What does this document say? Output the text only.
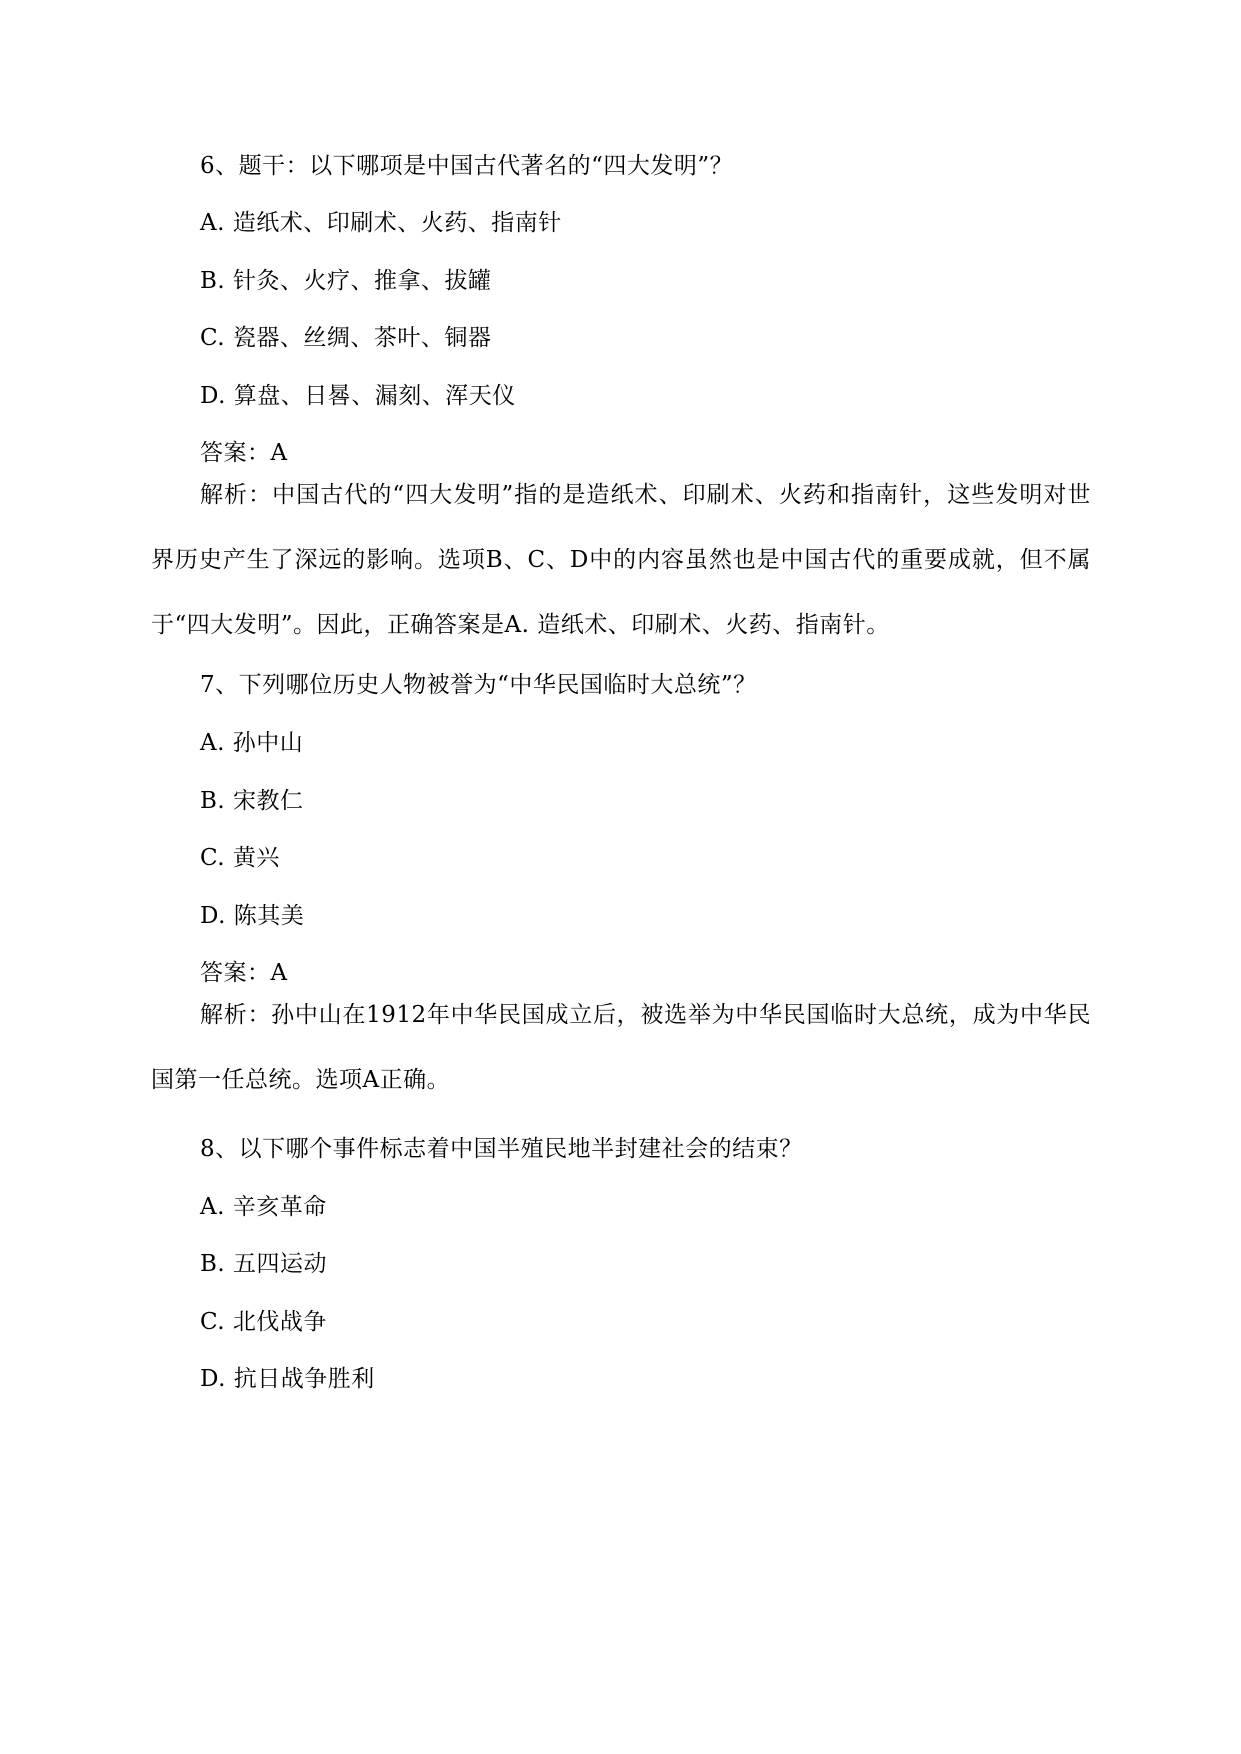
6、题干：以下哪项是中国古代著名的“四大发明”？
A. 造纸术、印刷术、火药、指南针
B. 针灸、火疗、推拿、拔罐
C. 瓷器、丝绸、茶叶、铜器
D. 算盘、日晷、漏刻、浑天仪
答案：A
解析：中国古代的“四大发明”指的是造纸术、印刷术、火药和指南针，这些发明对世界历史产生了深远的影响。选项B、C、D中的内容虽然也是中国古代的重要成就，但不属于“四大发明”。因此，正确答案是A. 造纸术、印刷术、火药、指南针。
7、下列哪位历史人物被誉为“中华民国临时大总统”？
A. 孙中山
B. 宋教仁
C. 黄兴
D. 陈其美
答案：A
解析：孙中山在1912年中华民国成立后，被选举为中华民国临时大总统，成为中华民国第一任总统。选项A正确。
8、以下哪个事件标志着中国半殖民地半封建社会的结束？
A. 辛亥革命
B. 五四运动
C. 北伐战争
D. 抗日战争胜利
